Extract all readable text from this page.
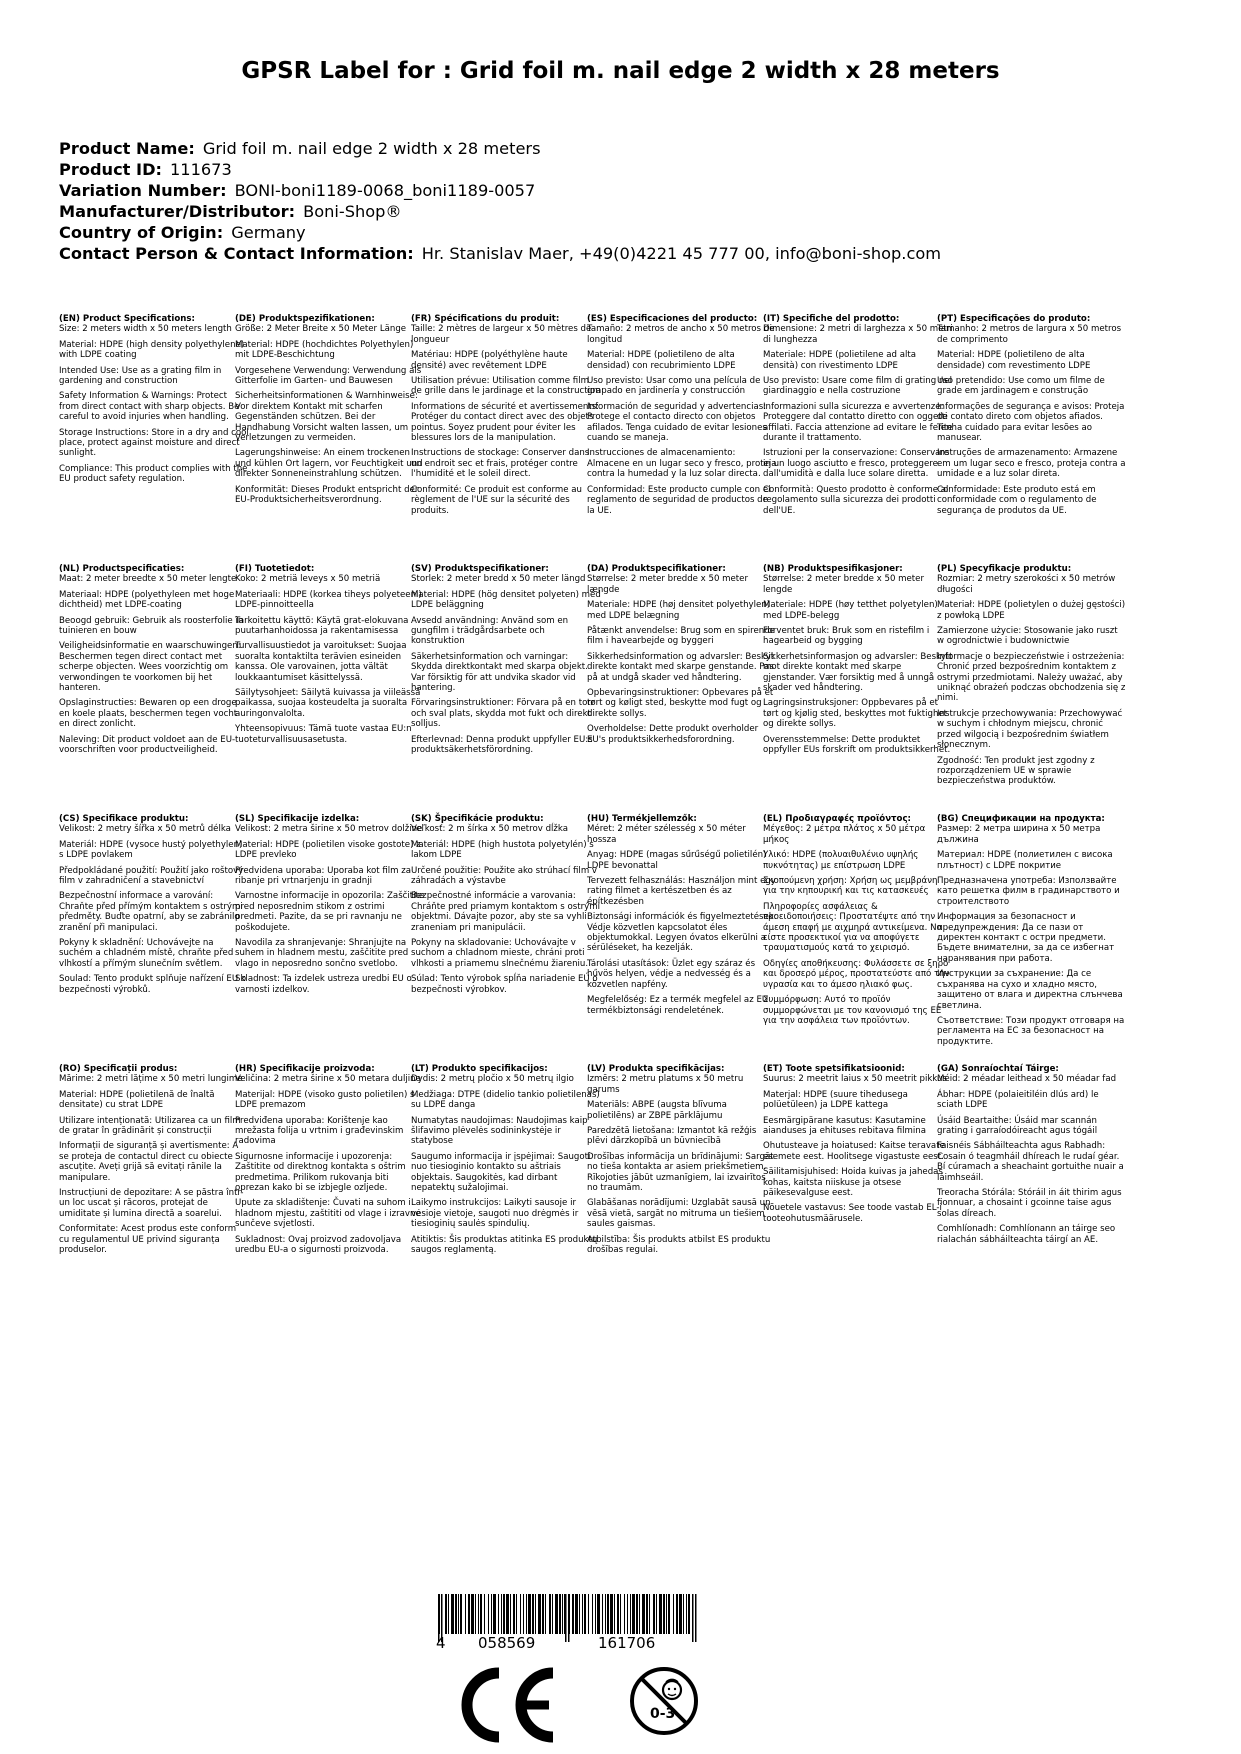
GPSR Label for : Grid foil m. nail edge 2 width x 28 meters
Product Name: Grid foil m. nail edge 2 width x 28 meters
Product ID: 111673
Variation Number: BONI-boni1189-0068_boni1189-0057
Manufacturer/Distributor: Boni-Shop®
Country of Origin: Germany
Contact Person & Contact Information: Hr. Stanislav Maer, +49(0)4221 45 777 00, info@boni-shop.com
(EN) Product Specifications:
Size: 2 meters width x 50 meters length
Material: HDPE (high density polyethylene) with LDPE coating
Intended Use: Use as a grating film in gardening and construction
Safety Information & Warnings: Protect from direct contact with sharp objects. Be careful to avoid injuries when handling.
Storage Instructions: Store in a dry and cool place, protect against moisture and direct sunlight.
Compliance: This product complies with the EU product safety regulation.
(DE) Produktspezifikationen:
Größe: 2 Meter Breite x 50 Meter Länge
Material: HDPE (hochdichtes Polyethylen) mit LDPE-Beschichtung
Vorgesehene Verwendung: Verwendung als Gitterfolie im Garten- und Bauwesen
Sicherheitsinformationen & Warnhinweise: Vor direktem Kontakt mit scharfen Gegenständen schützen. Bei der Handhabung Vorsicht walten lassen, um Verletzungen zu vermeiden.
Lagerungshinweise: An einem trockenen und kühlen Ort lagern, vor Feuchtigkeit und direkter Sonneneinstrahlung schützen.
Konformität: Dieses Produkt entspricht der EU-Produktsicherheitsverordnung.
(FR) Spécifications du produit:
Taille: 2 mètres de largeur x 50 mètres de longueur
Matériau: HDPE (polyéthylène haute densité) avec revêtement LDPE
Utilisation prévue: Utilisation comme film de grille dans le jardinage et la construction
Informations de sécurité et avertissements: Protéger du contact direct avec des objets pointus. Soyez prudent pour éviter les blessures lors de la manipulation.
Instructions de stockage: Conserver dans un endroit sec et frais, protéger contre l'humidité et le soleil direct.
Conformité: Ce produit est conforme au règlement de l'UE sur la sécurité des produits.
(ES) Especificaciones del producto:
Tamaño: 2 metros de ancho x 50 metros de longitud
Material: HDPE (polietileno de alta densidad) con recubrimiento LDPE
Uso previsto: Usar como una película de grapado en jardinería y construcción
Información de seguridad y advertencias: Protege el contacto directo con objetos afilados. Tenga cuidado de evitar lesiones cuando se maneja.
Instrucciones de almacenamiento: Almacene en un lugar seco y fresco, proteja contra la humedad y la luz solar directa.
Conformidad: Este producto cumple con el reglamento de seguridad de productos de la UE.
(IT) Specifiche del prodotto:
Dimensione: 2 metri di larghezza x 50 metri di lunghezza
Materiale: HDPE (polietilene ad alta densità) con rivestimento LDPE
Uso previsto: Usare come film di grating nel giardinaggio e nella costruzione
Informazioni sulla sicurezza e avvertenze: Proteggere dal contatto diretto con oggetti affilati. Faccia attenzione ad evitare le ferite durante il trattamento.
Istruzioni per la conservazione: Conservare in un luogo asciutto e fresco, proteggere dall'umidità e dalla luce solare diretta.
Conformità: Questo prodotto è conforme al regolamento sulla sicurezza dei prodotti dell'UE.
(PT) Especificações do produto:
Tamanho: 2 metros de largura x 50 metros de comprimento
Material: HDPE (polietileno de alta densidade) com revestimento LDPE
Uso pretendido: Use como um filme de grade em jardinagem e construção
Informações de segurança e avisos: Proteja de contato direto com objetos afiados. Tenha cuidado para evitar lesões ao manusear.
Instruções de armazenamento: Armazene em um lugar seco e fresco, proteja contra a umidade e a luz solar direta.
Conformidade: Este produto está em conformidade com o regulamento de segurança de produtos da UE.
(NL) Productspecificaties:
Maat: 2 meter breedte x 50 meter lengte
Materiaal: HDPE (polyethyleen met hoge dichtheid) met LDPE-coating
Beoogd gebruik: Gebruik als roosterfolie in tuinieren en bouw
Veiligheidsinformatie en waarschuwingen: Beschermen tegen direct contact met scherpe objecten. Wees voorzichtig om verwondingen te voorkomen bij het hanteren.
Opslaginstructies: Bewaren op een droge en koele plaats, beschermen tegen vocht en direct zonlicht.
Naleving: Dit product voldoet aan de EU-voorschriften voor productveiligheid.
(FI) Tuotetiedot:
Koko: 2 metriä leveys x 50 metriä
Materiaali: HDPE (korkea tiheys polyeteeni) LDPE-pinnoitteella
Tarkoitettu käyttö: Käytä grat-elokuvana puutarhanhoidossa ja rakentamisessa
Turvallisuustiedot ja varoitukset: Suojaa suoralta kontaktilta terävien esineiden kanssa. Ole varovainen, jotta vältät loukkaantumiset käsittelyssä.
Säilytysohjeet: Säilytä kuivassa ja viileässä paikassa, suojaa kosteudelta ja suoralta auringonvalolta.
Yhteensopivuus: Tämä tuote vastaa EU:n tuoteturvallisuusasetusta.
(SV) Produktspecifikationer:
Storlek: 2 meter bredd x 50 meter längd
Material: HDPE (hög densitet polyeten) med LDPE beläggning
Avsedd användning: Använd som en gungfilm i trädgårdsarbete och konstruktion
Säkerhetsinformation och varningar: Skydda direktkontakt med skarpa objekt. Var försiktig för att undvika skador vid hantering.
Förvaringsinstruktioner: Förvara på en torr och sval plats, skydda mot fukt och direkt solljus.
Efterlevnad: Denna produkt uppfyller EU:s produktsäkerhetsförordning.
(DA) Produktspecifikationer:
Størrelse: 2 meter bredde x 50 meter længde
Materiale: HDPE (høj densitet polyethylen) med LDPE belægning
Påtænkt anvendelse: Brug som en spirende film i havearbejde og byggeri
Sikkerhedsinformation og advarsler: Beskyt direkte kontakt med skarpe genstande. Pas på at undgå skader ved håndtering.
Opbevaringsinstruktioner: Opbevares på et tørt og køligt sted, beskytte mod fugt og direkte sollys.
Overholdelse: Dette produkt overholder EU's produktsikkerhedsforordning.
(NB) Produktspesifikasjoner:
Størrelse: 2 meter bredde x 50 meter lengde
Materiale: HDPE (høy tetthet polyetylen) med LDPE-belegg
Forventet bruk: Bruk som en ristefilm i hagearbeid og bygging
Sikkerhetsinformasjon og advarsler: Beskytt mot direkte kontakt med skarpe gjenstander. Vær forsiktig med å unngå skader ved håndtering.
Lagringsinstruksjoner: Oppbevares på et tørt og kjølig sted, beskyttes mot fuktighet og direkte sollys.
Overensstemmelse: Dette produktet oppfyller EUs forskrift om produktsikkerhet.
(PL) Specyfikacje produktu:
Rozmiar: 2 metry szerokości x 50 metrów długości
Materiał: HDPE (polietylen o dużej gęstości) z powłoką LDPE
Zamierzone użycie: Stosowanie jako ruszt w ogrodnictwie i budownictwie
Informacje o bezpieczeństwie i ostrzeżenia: Chronić przed bezpośrednim kontaktem z ostrymi przedmiotami. Należy uważać, aby uniknąć obrażeń podczas obchodzenia się z nimi.
Instrukcje przechowywania: Przechowywać w suchym i chłodnym miejscu, chronić przed wilgocią i bezpośrednim światłem słonecznym.
Zgodność: Ten produkt jest zgodny z rozporządzeniem UE w sprawie bezpieczeństwa produktów.
(CS) Specifikace produktu:
Velikost: 2 metry šířka x 50 metrů délka
Materiál: HDPE (vysoce hustý polyethylen) s LDPE povlakem
Předpokládané použití: Použití jako roštový film v zahradničení a stavebnictví
Bezpečnostní informace a varování: Chraňte před přímým kontaktem s ostrými předměty. Buďte opatrní, aby se zabránilo zranění při manipulaci.
Pokyny k skladnění: Uchovávejte na suchém a chladném místě, chraňte před vlhkostí a přímým slunečním světlem.
Soulad: Tento produkt splňuje nařízení EU o bezpečnosti výrobků.
(SL) Specifikacije izdelka:
Velikost: 2 metra širine x 50 metrov dolžine
Material: HDPE (polietilen visoke gostote) z LDPE prevleko
Predvidena uporaba: Uporaba kot film za ribanje pri vrtnarjenju in gradnji
Varnostne informacije in opozorila: Zaščitite pred neposrednim stikom z ostrimi predmeti. Pazite, da se pri ravnanju ne poškodujete.
Navodila za shranjevanje: Shranjujte na suhem in hladnem mestu, zaščitite pred vlago in neposredno sončno svetlobo.
Skladnost: Ta izdelek ustreza uredbi EU o varnosti izdelkov.
(SK) Špecifikácie produktu:
Veľkosť: 2 m šírka x 50 metrov dĺžka
Materiál: HDPE (high hustota polyetylén) s lakom LDPE
Určené použitie: Použite ako strúhací film v záhradách a výstavbe
Bezpečnostné informácie a varovania: Chráňte pred priamym kontaktom s ostrými objektmi. Dávajte pozor, aby ste sa vyhli zraneniam pri manipulácii.
Pokyny na skladovanie: Uchovávajte v suchom a chladnom mieste, chráni proti vlhkosti a priamemu slnečnému žiareniu.
Súlad: Tento výrobok spĺňa nariadenie EÚ o bezpečnosti výrobkov.
(HU) Termékjellemzők:
Méret: 2 méter szélesség x 50 méter hossza
Anyag: HDPE (magas sűrűségű polietilén) LDPE bevonattal
Tervezett felhasználás: Használjon mint egy rating filmet a kertészetben és az építkezésben
Biztonsági információk és figyelmeztetések: Védje közvetlen kapcsolatot éles objektumokkal. Legyen óvatos elkerülni a sérüléseket, ha kezelják.
Tárolási utasítások: Üzlet egy száraz és hűvös helyen, védje a nedvesség és a közvetlen napfény.
Megfelelőség: Ez a termék megfelel az EU termékbiztonsági rendeletének.
(EL) Προδιαγραφές προϊόντος:
Μέγεθος: 2 μέτρα πλάτος x 50 μέτρα μήκος
Υλικό: HDPE (πολυαιθυλένιο υψηλής πυκνότητας) με επίστρωση LDPE
Σκοπούμενη χρήση: Χρήση ως μεμβράνη για την κηπουρική και τις κατασκευές
Πληροφορίες ασφάλειας & προειδοποιήσεις: Προστατέψτε από την άμεση επαφή με αιχμηρά αντικείμενα. Να είστε προσεκτικοί για να αποφύγετε τραυματισμούς κατά το χειρισμό.
Οδηγίες αποθήκευσης: Φυλάσσετε σε ξηρό και δροσερό μέρος, προστατεύστε από την υγρασία και το άμεσο ηλιακό φως.
Συμμόρφωση: Αυτό το προϊόν συμμορφώνεται με τον κανονισμό της ΕΕ για την ασφάλεια των προϊόντων.
(BG) Спецификации на продукта:
Размер: 2 метра ширина x 50 метра дължина
Материал: HDPE (полиетилен с висока плътност) с LDPE покритие
Предназначена употреба: Използвайте като решетка филм в градинарството и строителството
Информация за безопасност и предупреждения: Да се пази от директен контакт с остри предмети. Бъдете внимателни, за да се избегнат наранявания при работа.
Инструкции за съхранение: Да се съхранява на сухо и хладно място, защитено от влага и директна слънчева светлина.
Съответствие: Този продукт отговаря на регламента на ЕС за безопасност на продуктите.
(RO) Specificații produs:
Mărime: 2 metri lățime x 50 metri lungime
Material: HDPE (polietilenă de înaltă densitate) cu strat LDPE
Utilizare intenționată: Utilizarea ca un film de gratar în grădinărit și construcții
Informații de siguranță și avertismente: A se proteja de contactul direct cu obiecte ascuțite. Aveți grijă să evitați rănile la manipulare.
Instrucțiuni de depozitare: A se păstra într-un loc uscat și răcoros, protejat de umiditate și lumina directă a soarelui.
Conformitate: Acest produs este conform cu regulamentul UE privind siguranța produselor.
(HR) Specifikacije proizvoda:
Veličina: 2 metra širine x 50 metara duljine
Materijal: HDPE (visoko gusto polietilen) s LDPE premazom
Predviđena uporaba: Korištenje kao mrežasta folija u vrtnim i građevinskim radovima
Sigurnosne informacije i upozorenja: Zaštitite od direktnog kontakta s oštrim predmetima. Prilikom rukovanja biti oprezan kako bi se izbjegle ozljede.
Upute za skladištenje: Čuvati na suhom i hladnom mjestu, zaštititi od vlage i izravne sunčeve svjetlosti.
Sukladnost: Ovaj proizvod zadovoljava uredbu EU-a o sigurnosti proizvoda.
(LT) Produkto specifikacijos:
Dydis: 2 metrų pločio x 50 metrų ilgio
Medžiaga: DTPE (didelio tankio polietilenas) su LDPE danga
Numatytas naudojimas: Naudojimas kaip šlifavimo plėvelės sodininkystėje ir statybose
Saugumo informacija ir įspėjimai: Saugoti nuo tiesioginio kontakto su aštriais objektais. Saugokitės, kad dirbant nepatektų sužalojimai.
Laikymo instrukcijos: Laikyti sausoje ir vėsioje vietoje, saugoti nuo drėgmės ir tiesioginių saulės spindulių.
Atitiktis: Šis produktas atitinka ES produktų saugos reglamentą.
(LV) Produkta specifikācijas:
Izmērs: 2 metru platums x 50 metru garums
Materiāls: ABPE (augsta blīvuma polietilēns) ar ZBPE pārklājumu
Paredzētā lietošana: Izmantot kā režģis plēvi dārzkopībā un būvniecībā
Drošības informācija un brīdinājumi: Sargāt no tieša kontakta ar asiem priekšmetiem. Rīkojoties jābūt uzmanīgiem, lai izvairītos no traumām.
Glabāšanas norādījumi: Uzglabāt sausā un vēsā vietā, sargāt no mitruma un tiešiem saules gaismas.
Atbilstība: Šis produkts atbilst ES produktu drošības regulai.
(ET) Toote spetsifikatsioonid:
Suurus: 2 meetrit laius x 50 meetrit pikkus
Materjal: HDPE (suure tihedusega polüetüleen) ja LDPE kattega
Eesmärgipärane kasutus: Kasutamine aianduses ja ehituses rebitava filmina
Ohutusteave ja hoiatused: Kaitse teravate esemete eest. Hoolitsege vigastuste eest.
Säilitamisjuhised: Hoida kuivas ja jahedas kohas, kaitsta niiskuse ja otsese päikesevalguse eest.
Nõuetele vastavus: See toode vastab EL-i tooteohutusmäärusele.
(GA) Sonraíochtaí Táirge:
Méid: 2 méadar leithead x 50 méadar fad
Ábhar: HDPE (polaieitiléin dlús ard) le sciath LDPE
Úsáid Beartaithe: Úsáid mar scannán grating i garraíodóireacht agus tógáil
Faisnéis Sábháilteachta agus Rabhadh: Cosain ó teagmháil dhíreach le rudaí géar. Bí cúramach a sheachaint gortuithe nuair a láimhseáil.
Treoracha Stórála: Stóráil in áit thirim agus fionnuar, a chosaint i gcoinne taise agus solas díreach.
Comhlíonadh: Comhlíonann an táirge seo rialachán sábháilteachta táirgí an AE.
4 058569	161706
0-3
